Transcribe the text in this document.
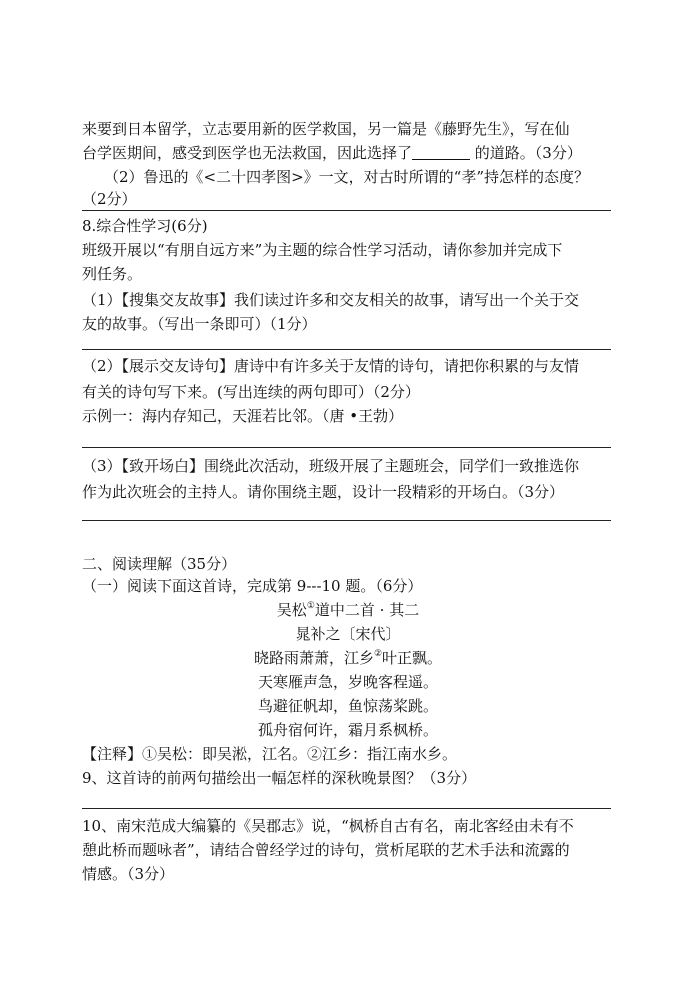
来要到日本留学，立志要用新的医学救国，另一篇是《藤野先生》，写在仙
台学医期间，感受到医学也无法救国，因此选择了	的道路。（3分）
（2）鲁迅的《<二十四孝图>》一文，对古时所谓的“孝”持怎样的态度？
（2分）
8.综合性学习(6分)
班级开展以“有朋自远方来”为主题的综合性学习活动，请你参加并完成下
列任务。
（1）【搜集交友故事】我们读过许多和交友相关的故事，请写出一个关于交
友的故事。（写出一条即可）（1分）
（2）【展示交友诗句】唐诗中有许多关于友情的诗句，请把你积累的与友情
有关的诗句写下来。(写出连续的两句即可）（2分）
示例一：海内存知己，天涯若比邻。（唐 •王勃）
（3）【致开场白】围绕此次活动，班级开展了主题班会，同学们一致推选你
作为此次班会的主持人。请你围绕主题，设计一段精彩的开场白。（3分）
二、阅读理解（35分）
（一）阅读下面这首诗，完成第 9---10 题。（6分）
吴松①道中二首 · 其二
晁补之〔宋代〕
晓路雨萧萧，江乡②叶正飘。
天寒雁声急，岁晚客程遥。
鸟避征帆却，鱼惊荡桨跳。
孤舟宿何许，霜月系枫桥。
【注释】①吴松：即吴淞，江名。②江乡：指江南水乡。
9、这首诗的前两句描绘出一幅怎样的深秋晚景图？（3分）
10、南宋范成大编纂的《吴郡志》说，“枫桥自古有名，南北客经由未有不
憩此桥而题咏者”，请结合曾经学过的诗句，赏析尾联的艺术手法和流露的
情感。（3分）
